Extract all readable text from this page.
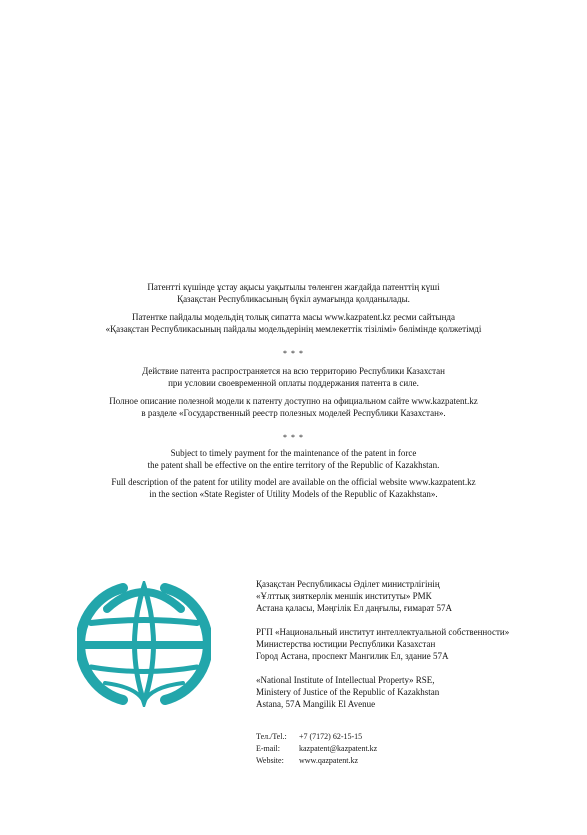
Патентті күшінде ұстау ақысы уақытылы төленген жағдайда патенттің күші
Қазақстан Республикасының бүкіл аумағында қолданылады.
Патентке пайдалы модельдің толық сипатта масы www.kazpatent.kz ресми сайтында
«Қазақстан Республикасының пайдалы модельдерінің мемлекеттік тізілімі» бөлімінде қолжетімді
* * *
Действие патента распространяется на всю территорию Республики Казахстан
при условии своевременной оплаты поддержания патента в силе.
Полное описание полезной модели к патенту доступно на официальном сайте www.kazpatent.kz
в разделе «Государственный реестр полезных моделей Республики Казахстан».
* * *
Subject to timely payment for the maintenance of the patent in force
the patent shall be effective on the entire territory of the Republic of Kazakhstan.
Full description of the patent for utility model are available on the official website www.kazpatent.kz
in the section «State Register of Utility Models of the Republic of Kazakhstan».
Қазақстан Республикасы Әділет министрлігінің
«Ұлттық зияткерлік меншік институты» РМК
Астана қаласы, Мәңгілік Ел даңғылы, ғимарат 57А
РГП «Национальный институт интеллектуальной собственности»
Министерства юстиции Республики Казахстан
Город Астана, проспект Мангилик Ел, здание 57А
«National Institute of Intellectual Property» RSE,
Ministery of Justice of the Republic of Kazakhstan
Astana, 57A Mangilik El Avenue
Тел./Tel.:	+7 (7172) 62-15-15
E-mail:	kazpatent@kazpatent.kz
Website:	www.qazpatent.kz
